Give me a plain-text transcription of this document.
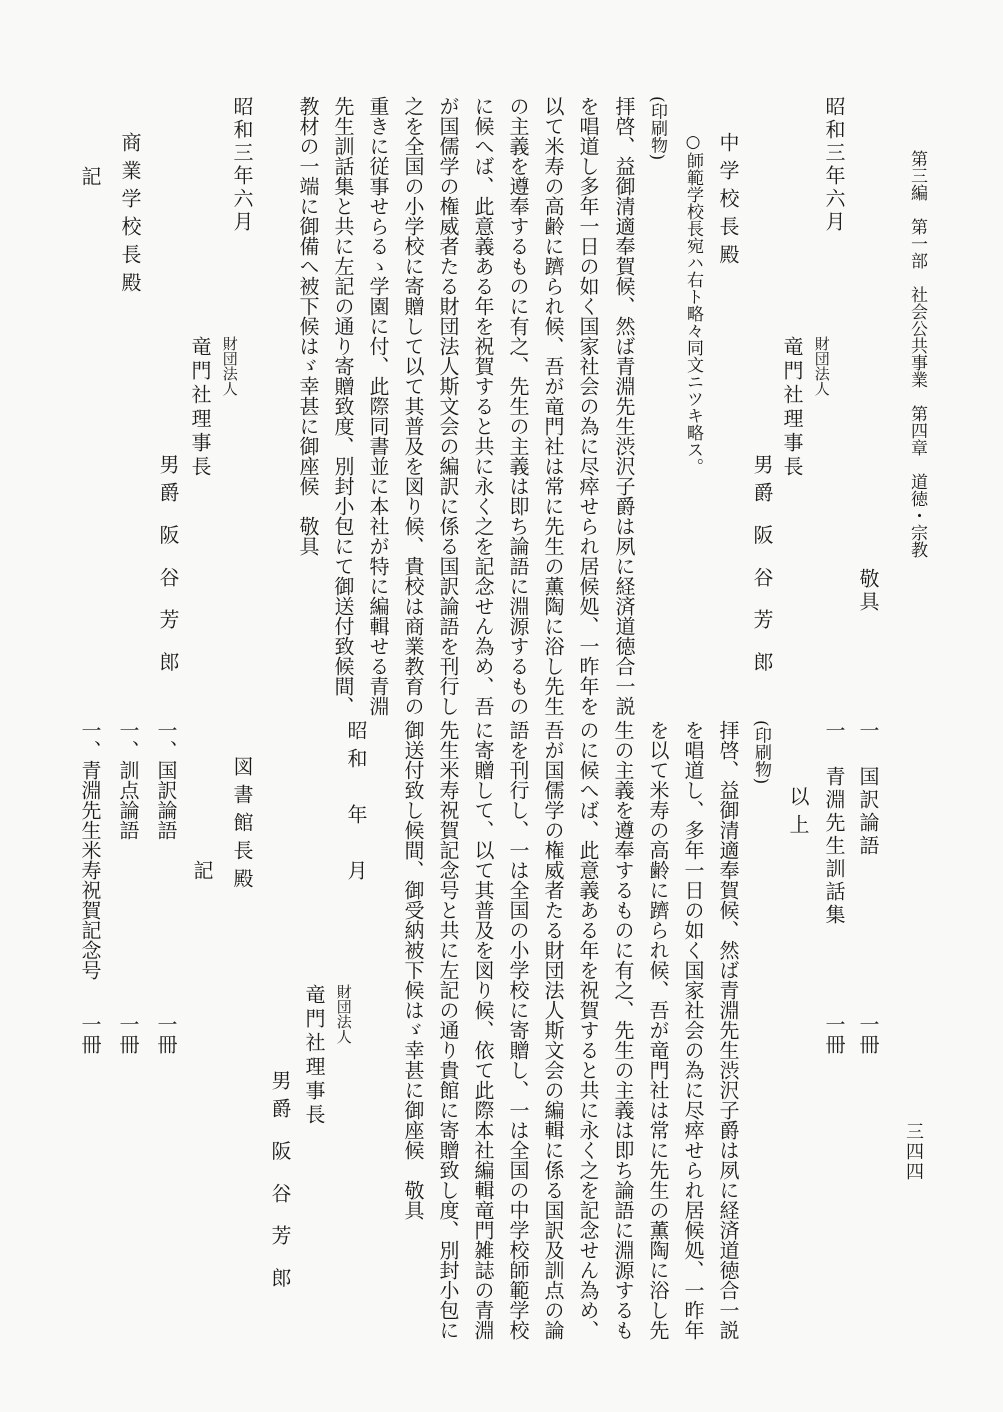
第三編　第一部　社会公共事業　第四章　道徳・宗教
三四四
敬具
昭和三年六月
財団法人
竜門社理事長
男爵 阪 谷 芳 郎
中学校長殿
○師範学校長宛ハ右ト略々同文ニツキ略ス。
(印刷物)
拝啓、益御清適奉賀候、然ば青淵先生渋沢子爵は夙に経済道徳合一説
を唱道し多年一日の如く国家社会の為に尽瘁せられ居候処、一昨年を
以て米寿の高齢に躋られ候、吾が竜門社は常に先生の薫陶に浴し先生
の主義を遵奉するものに有之、先生の主義は即ち論語に淵源するもの
に候へば、此意義ある年を祝賀すると共に永く之を記念せん為め、吾
が国儒学の権威者たる財団法人斯文会の編訳に係る国訳論語を刊行し
之を全国の小学校に寄贈して以て其普及を図り候、貴校は商業教育の
重きに従事せらるゝ学園に付、此際同書並に本社が特に編輯せる青淵
先生訓話集と共に左記の通り寄贈致度、別封小包にて御送付致候間、
教材の一端に御備へ被下候はゞ幸甚に御座候　敬具
昭和三年六月
財団法人
竜門社理事長
男爵 阪 谷 芳 郎
商業学校長殿
記
一　国訳論語
一冊
一　青淵先生訓話集
一冊
以上
(印刷物)
拝啓、益御清適奉賀候、然ば青淵先生渋沢子爵は夙に経済道徳合一説
を唱道し、多年一日の如く国家社会の為に尽瘁せられ居候処、一昨年
を以て米寿の高齢に躋られ候、吾が竜門社は常に先生の薫陶に浴し先
生の主義を遵奉するものに有之、先生の主義は即ち論語に淵源するも
のに候へば、此意義ある年を祝賀すると共に永く之を記念せん為め、
吾が国儒学の権威者たる財団法人斯文会の編輯に係る国訳及訓点の論
語を刊行し、一は全国の小学校に寄贈し、一は全国の中学校師範学校
に寄贈して、以て其普及を図り候、依て此際本社編輯竜門雑誌の青淵
先生米寿祝賀記念号と共に左記の通り貴館に寄贈致し度、別封小包に
御送付致し候間、御受納被下候はゞ幸甚に御座候　敬具
昭和　年　月
財団法人
竜門社理事長
男爵 阪 谷 芳 郎
図書館長殿
記
一、国訳論語
一冊
一、訓点論語
一冊
一、青淵先生米寿祝賀記念号
一冊
